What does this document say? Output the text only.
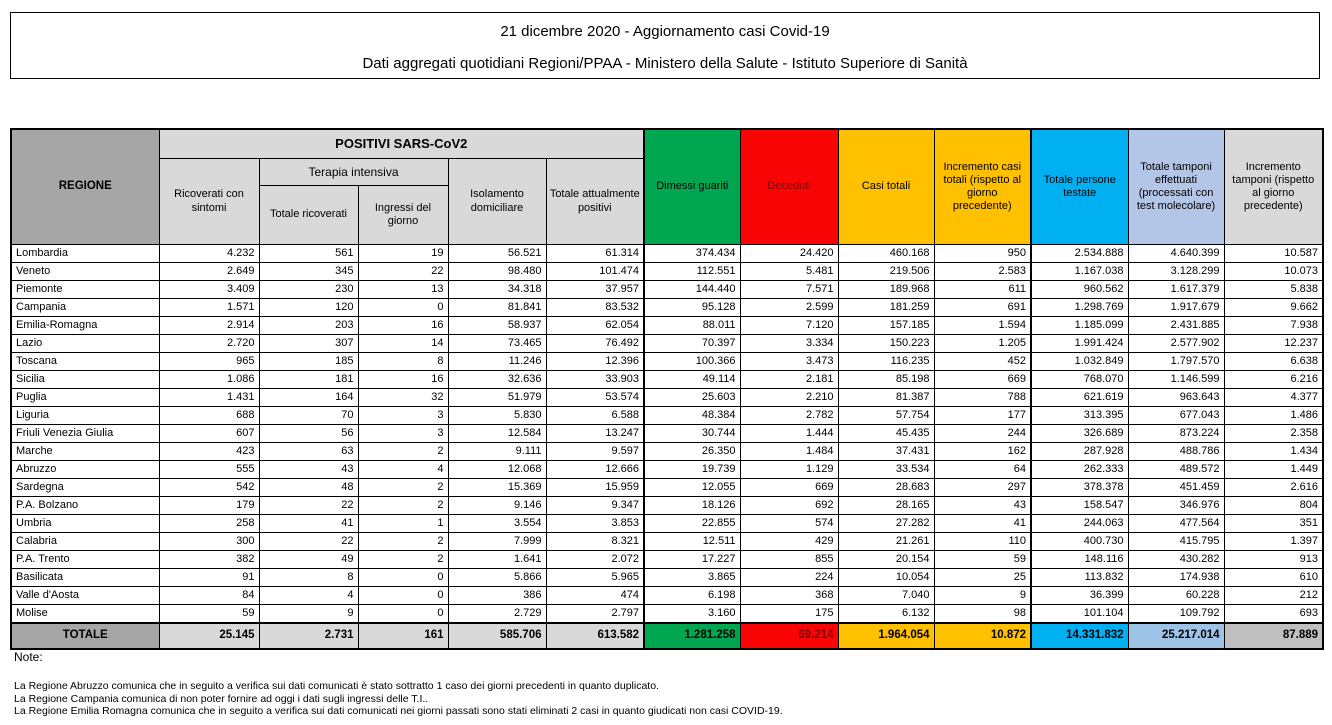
21 dicembre 2020 - Aggiornamento casi Covid-19
Dati aggregati quotidiani Regioni/PPAA - Ministero della Salute - Istituto Superiore di Sanità
REGIONE	POSITIVI SARS-CoV2					Dimessi guariti	Deceduti	Casi totali	Incremento casi totali (rispetto al giorno precedente)	Totale persone testate	Totale tamponi effettuati (processati con test molecolare)	Incremento tamponi (rispetto al giorno precedente)
	Ricoverati con sintomi	Terapia intensiva		Isolamento domiciliare	Totale attualmente positivi							
		Totale ricoverati	Ingressi del giorno									
Lombardia	4.232	561	19	56.521	61.314	374.434	24.420	460.168	950	2.534.888	4.640.399	10.587
Veneto	2.649	345	22	98.480	101.474	112.551	5.481	219.506	2.583	1.167.038	3.128.299	10.073
Piemonte	3.409	230	13	34.318	37.957	144.440	7.571	189.968	611	960.562	1.617.379	5.838
Campania	1.571	120	0	81.841	83.532	95.128	2.599	181.259	691	1.298.769	1.917.679	9.662
Emilia-Romagna	2.914	203	16	58.937	62.054	88.011	7.120	157.185	1.594	1.185.099	2.431.885	7.938
Lazio	2.720	307	14	73.465	76.492	70.397	3.334	150.223	1.205	1.991.424	2.577.902	12.237
Toscana	965	185	8	11.246	12.396	100.366	3.473	116.235	452	1.032.849	1.797.570	6.638
Sicilia	1.086	181	16	32.636	33.903	49.114	2.181	85.198	669	768.070	1.146.599	6.216
Puglia	1.431	164	32	51.979	53.574	25.603	2.210	81.387	788	621.619	963.643	4.377
Liguria	688	70	3	5.830	6.588	48.384	2.782	57.754	177	313.395	677.043	1.486
Friuli Venezia Giulia	607	56	3	12.584	13.247	30.744	1.444	45.435	244	326.689	873.224	2.358
Marche	423	63	2	9.111	9.597	26.350	1.484	37.431	162	287.928	488.786	1.434
Abruzzo	555	43	4	12.068	12.666	19.739	1.129	33.534	64	262.333	489.572	1.449
Sardegna	542	48	2	15.369	15.959	12.055	669	28.683	297	378.378	451.459	2.616
P.A. Bolzano	179	22	2	9.146	9.347	18.126	692	28.165	43	158.547	346.976	804
Umbria	258	41	1	3.554	3.853	22.855	574	27.282	41	244.063	477.564	351
Calabria	300	22	2	7.999	8.321	12.511	429	21.261	110	400.730	415.795	1.397
P.A. Trento	382	49	2	1.641	2.072	17.227	855	20.154	59	148.116	430.282	913
Basilicata	91	8	0	5.866	5.965	3.865	224	10.054	25	113.832	174.938	610
Valle d'Aosta	84	4	0	386	474	6.198	368	7.040	9	36.399	60.228	212
Molise	59	9	0	2.729	2.797	3.160	175	6.132	98	101.104	109.792	693
TOTALE	25.145	2.731	161	585.706	613.582	1.281.258	69.214	1.964.054	10.872	14.331.832	25.217.014	87.889
Note:
La Regione Abruzzo comunica che in seguito a verifica sui dati comunicati è stato sottratto 1 caso dei giorni precedenti in quanto duplicato.
La Regione Campania comunica di non poter fornire ad oggi i dati sugli ingressi delle T.I..
La Regione Emilia Romagna comunica che in seguito a verifica sui dati comunicati nei giorni passati sono stati eliminati 2 casi in quanto giudicati non casi COVID-19.
